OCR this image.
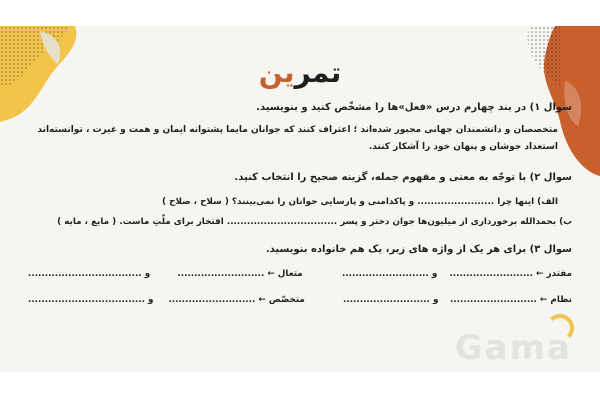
تمرین
سوال ۱) در بند چهارم درس «فعل»ها را مشخّص کنید و بنویسید.
متخصصان و دانشمندان جهانی مجبور شده‌اند ؛ اعتراف کنند که جوانان مایما پشتوانه ایمان و همت و غیرت ، توانسته‌اند استعداد جوشان و پنهان خود را آشکار کنند.
سوال ۲) با توجّه به معنی و مفهوم جمله، گزینه صحیح را انتخاب کنید.
الف) اینها چرا ....................... و پاکدامنی و پارسایی جوانان را نمی‌بینند؟ ( سلاح ، صلاح )
ب) بحمدالله برخورداری از میلیون‌ها جوان دختر و پسر ................................. افتخار برای ملّتِ ماست. ( مایع ، مایه )
سوال ۳) برای هر یک از واژه های زیر، یک هم خانواده بنویسید.
مقتدر ← .........................
و ..........................
متعال ← ..........................
و ..................................
نظام ← ..........................
و ..........................
متخصّص ← ..........................
و ...................................
Gama
